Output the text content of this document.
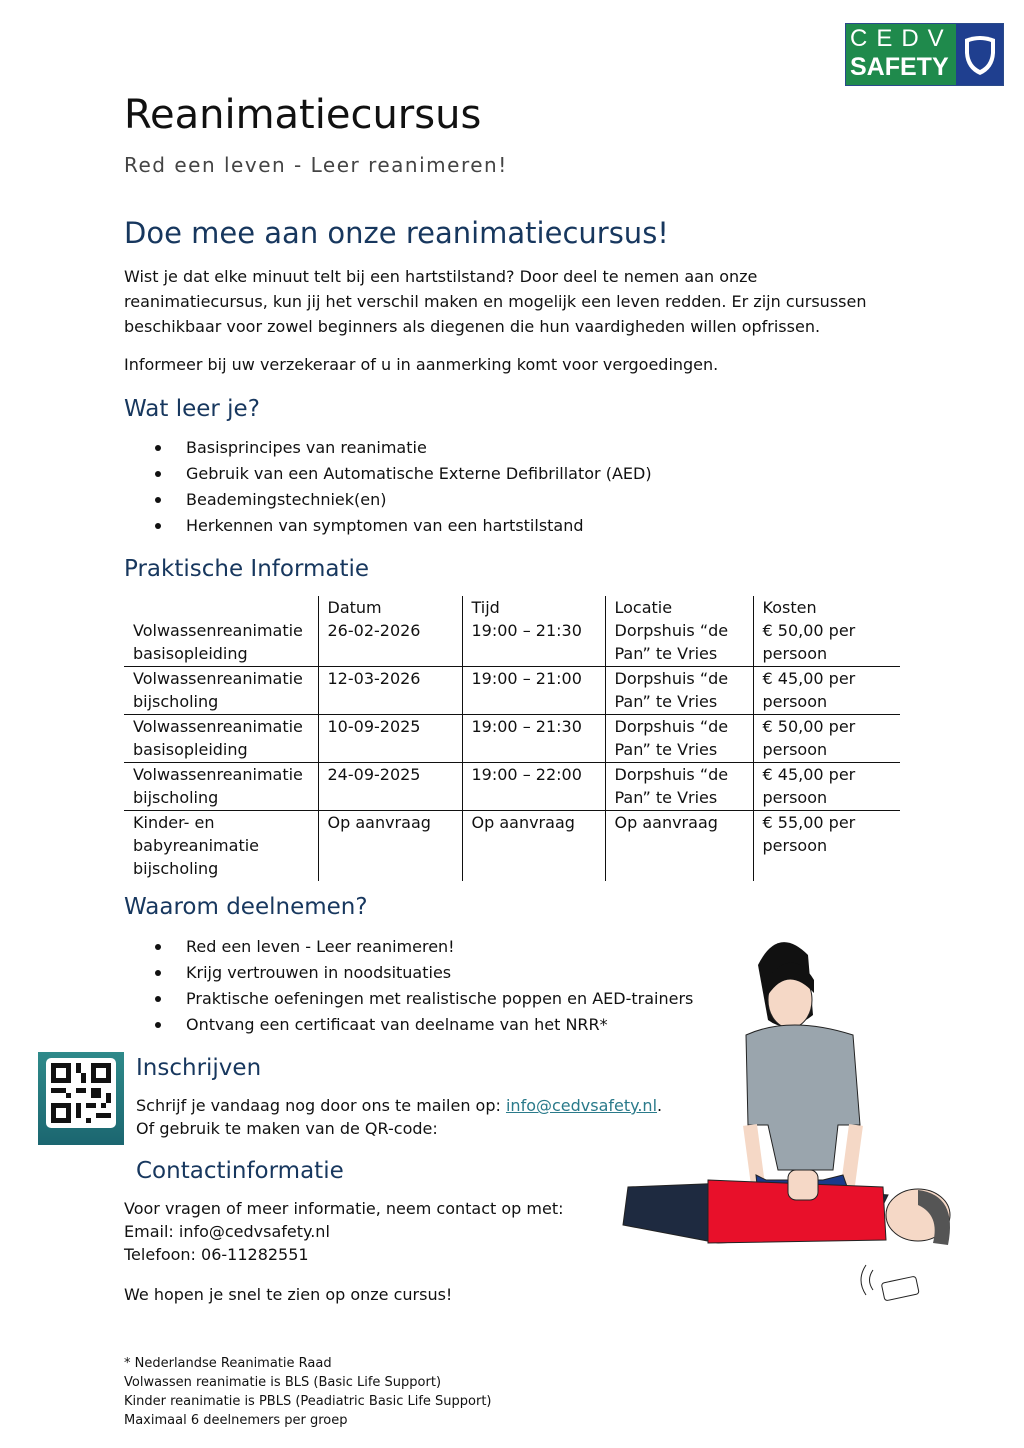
CEDV
SAFETY
Reanimatiecursus
Red een leven - Leer reanimeren!
Doe mee aan onze reanimatiecursus!

Wist je dat elke minuut telt bij een hartstilstand? Door deel te nemen aan onze reanimatiecursus, kun jij het verschil maken en mogelijk een leven redden. Er zijn cursussen beschikbaar voor zowel beginners als diegenen die hun vaardigheden willen opfrissen.

Informeer bij uw verzekeraar of u in aanmerking komt voor vergoedingen.

Wat leer je?
Basisprincipes van reanimatie
Gebruik van een Automatische Externe Defibrillator (AED)
Beademingstechniek(en)
Herkennen van symptomen van een hartstilstand
Praktische Informatie
	Datum	Tijd	Locatie	Kosten
Volwassenreanimatie basisopleiding	26-02-2026	19:00 – 21:30	Dorpshuis “de Pan” te Vries	€ 50,00 per persoon
Volwassenreanimatie bijscholing	12-03-2026	19:00 – 21:00	Dorpshuis “de Pan” te Vries	€ 45,00 per persoon
Volwassenreanimatie basisopleiding	10-09-2025	19:00 – 21:30	Dorpshuis “de Pan” te Vries	€ 50,00 per persoon
Volwassenreanimatie bijscholing	24-09-2025	19:00 – 22:00	Dorpshuis “de Pan” te Vries	€ 45,00 per persoon
Kinder- en babyreanimatie bijscholing	Op aanvraag	Op aanvraag	Op aanvraag	€ 55,00 per persoon
Waarom deelnemen?
Red een leven - Leer reanimeren!
Krijg vertrouwen in noodsituaties
Praktische oefeningen met realistische poppen en AED-trainers
Ontvang een certificaat van deelname van het NRR*
Inschrijven

Schrijf je vandaag nog door ons te mailen op: info@cedvsafety.nl.
Of gebruik te maken van de QR-code:

Contactinformatie

Voor vragen of meer informatie, neem contact op met:
Email: info@cedvsafety.nl
Telefoon: 06-11282551

We hopen je snel te zien op onze cursus!

* Nederlandse Reanimatie Raad
Volwassen reanimatie is BLS (Basic Life Support)
Kinder reanimatie is PBLS (Peadiatric Basic Life Support)
Maximaal 6 deelnemers per groep
